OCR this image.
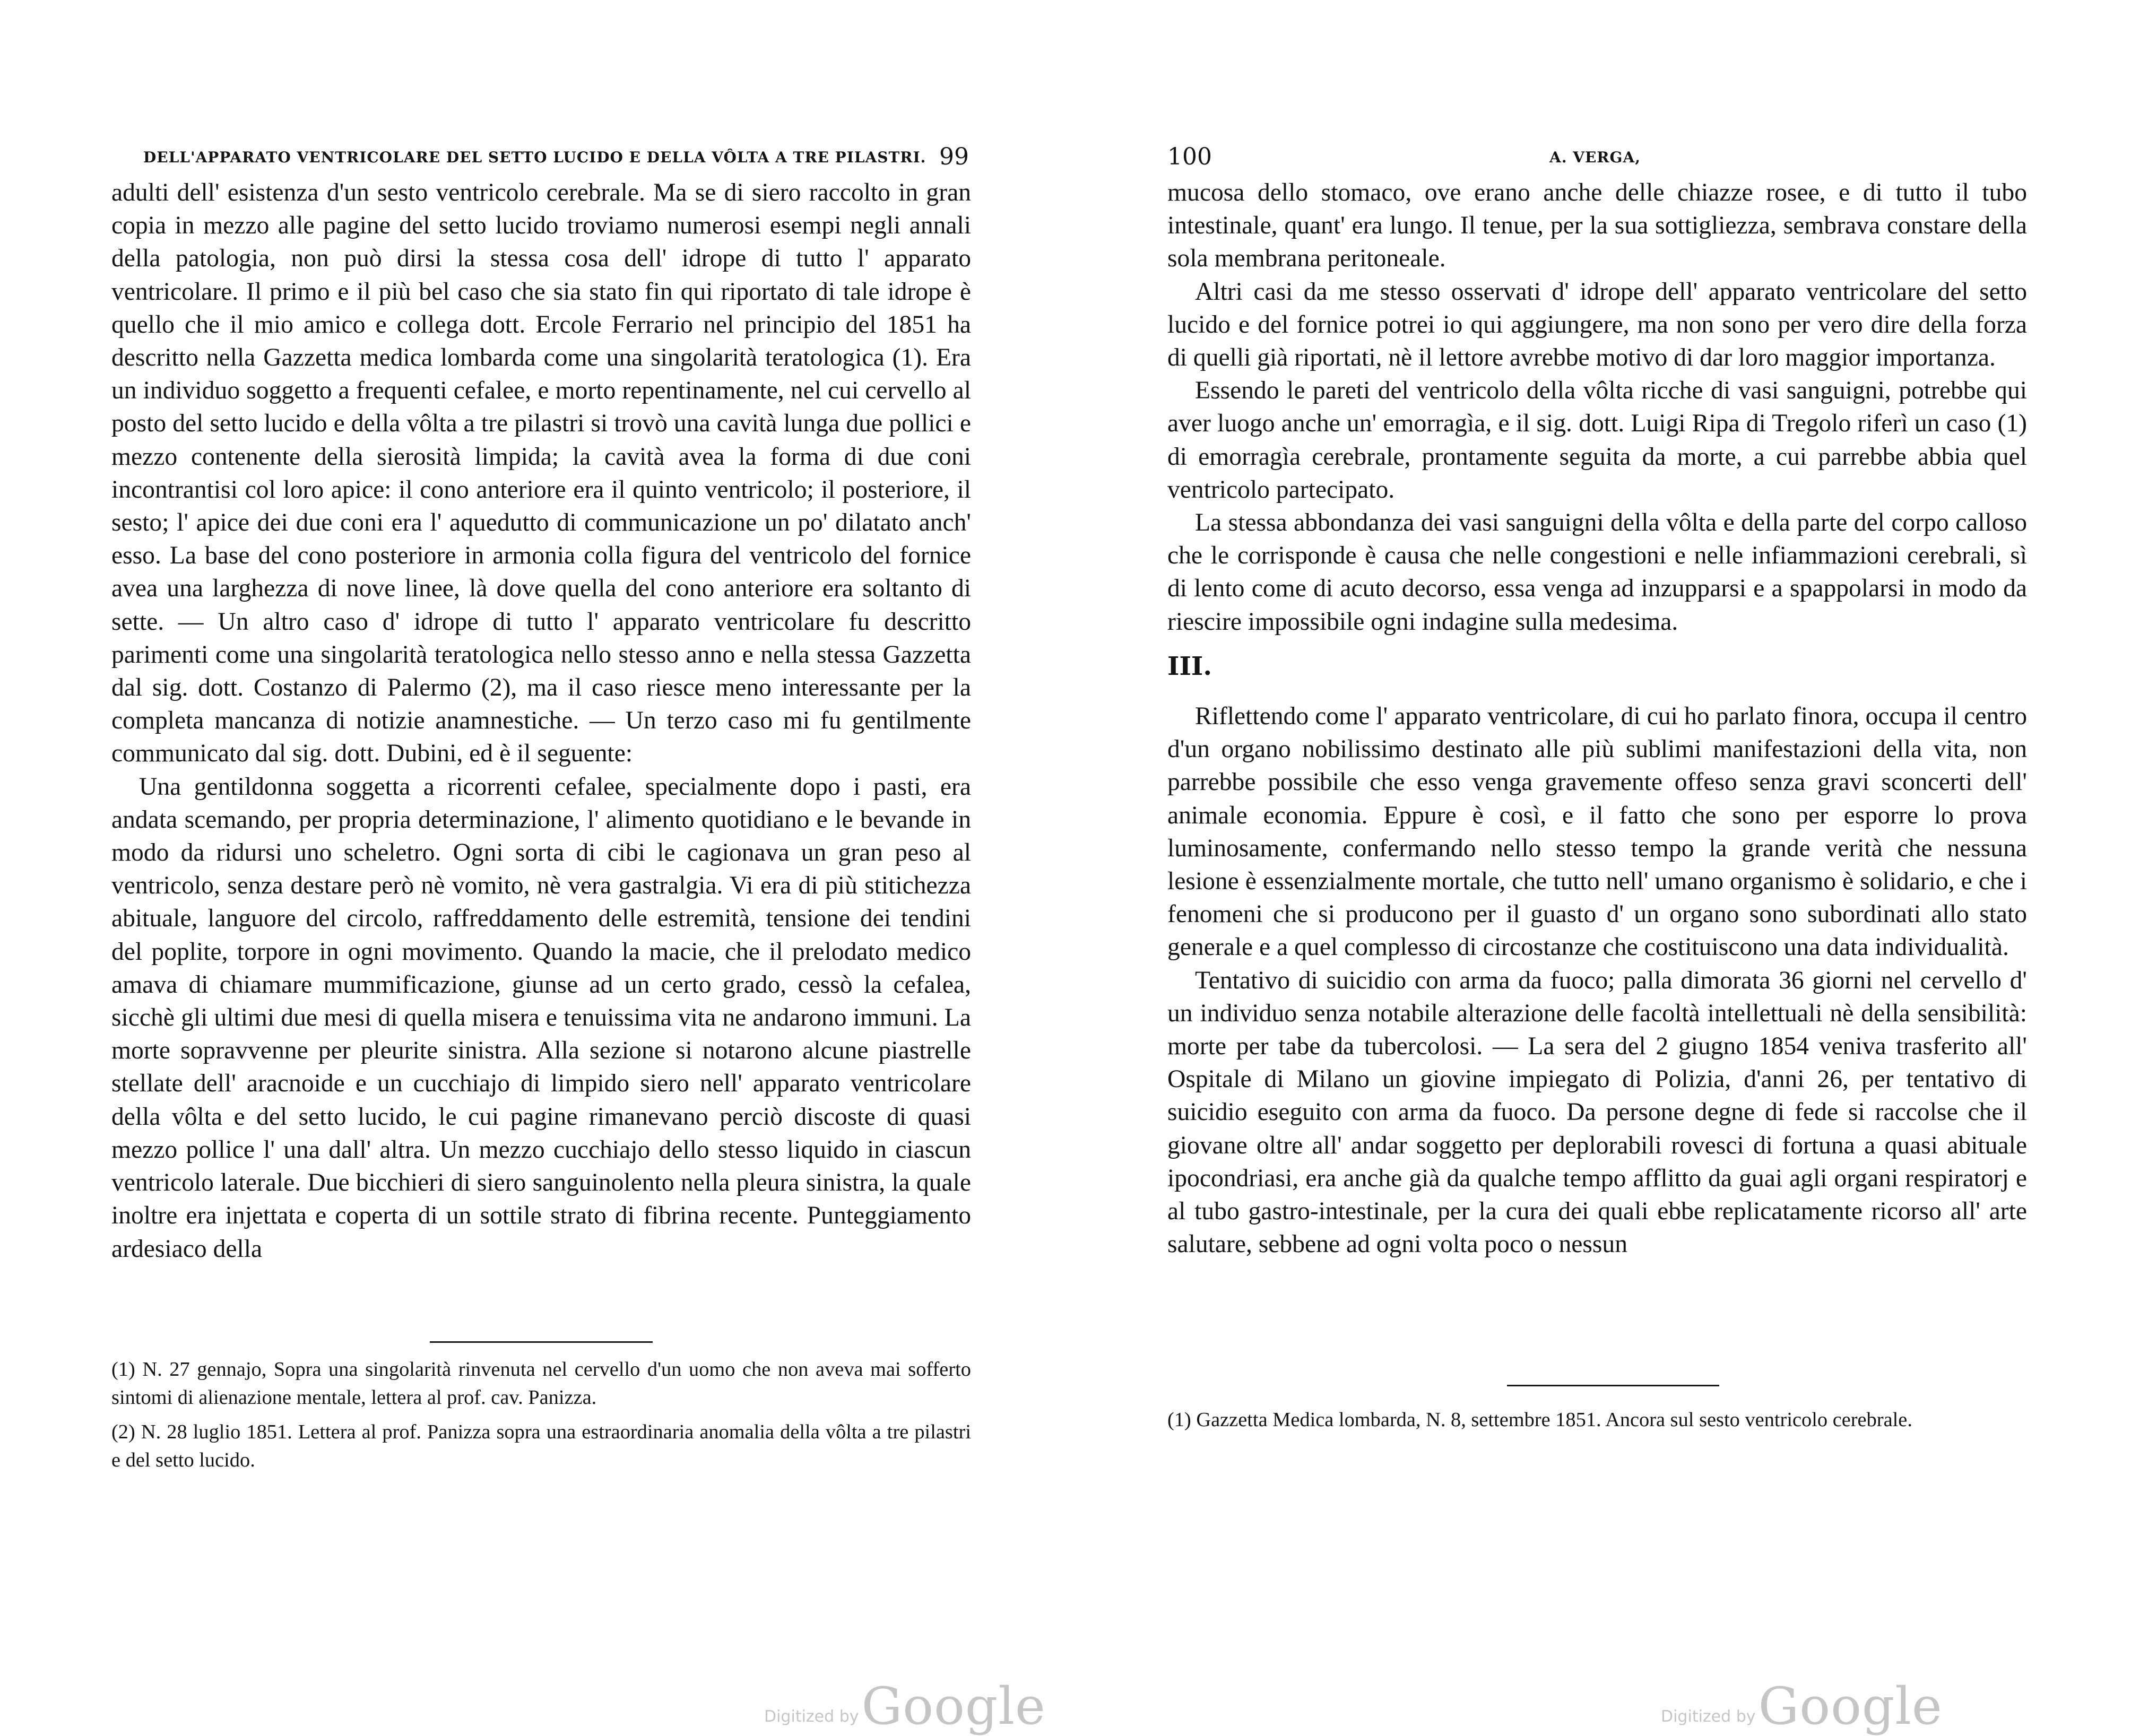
DELL'APPARATO VENTRICOLARE DEL SETTO LUCIDO E DELLA VÔLTA A TRE PILASTRI. 99

adulti dell' esistenza d'un sesto ventricolo cerebrale. Ma se di siero raccolto in gran copia in mezzo alle pagine del setto lucido troviamo numerosi esempi negli annali della patologia, non può dirsi la stessa cosa dell' idrope di tutto l' apparato ventricolare. Il primo e il più bel caso che sia stato fin qui riportato di tale idrope è quello che il mio amico e collega dott. Ercole Ferrario nel principio del 1851 ha descritto nella Gazzetta medica lombarda come una singolarità teratologica (1). Era un individuo soggetto a frequenti cefalee, e morto repentinamente, nel cui cervello al posto del setto lucido e della vôlta a tre pilastri si trovò una cavità lunga due pollici e mezzo contenente della sierosità limpida; la cavità avea la forma di due coni incontrantisi col loro apice: il cono anteriore era il quinto ventricolo; il posteriore, il sesto; l' apice dei due coni era l' aquedutto di communicazione un po' dilatato anch' esso. La base del cono posteriore in armonia colla figura del ventricolo del fornice avea una larghezza di nove linee, là dove quella del cono anteriore era soltanto di sette. — Un altro caso d' idrope di tutto l' apparato ventricolare fu descritto parimenti come una singolarità teratologica nello stesso anno e nella stessa Gazzetta dal sig. dott. Costanzo di Palermo (2), ma il caso riesce meno interessante per la completa mancanza di notizie anamnestiche. — Un terzo caso mi fu gentilmente communicato dal sig. dott. Dubini, ed è il seguente:

Una gentildonna soggetta a ricorrenti cefalee, specialmente dopo i pasti, era andata scemando, per propria determinazione, l' alimento quotidiano e le bevande in modo da ridursi uno scheletro. Ogni sorta di cibi le cagionava un gran peso al ventricolo, senza destare però nè vomito, nè vera gastralgia. Vi era di più stitichezza abituale, languore del circolo, raffreddamento delle estremità, tensione dei tendini del poplite, torpore in ogni movimento. Quando la macie, che il prelodato medico amava di chiamare mummificazione, giunse ad un certo grado, cessò la cefalea, sicchè gli ultimi due mesi di quella misera e tenuissima vita ne andarono immuni. La morte sopravvenne per pleurite sinistra. Alla sezione si notarono alcune piastrelle stellate dell' aracnoide e un cucchiajo di limpido siero nell' apparato ventricolare della vôlta e del setto lucido, le cui pagine rimanevano perciò discoste di quasi mezzo pollice l' una dall' altra. Un mezzo cucchiajo dello stesso liquido in ciascun ventricolo laterale. Due bicchieri di siero sanguinolento nella pleura sinistra, la quale inoltre era injettata e coperta di un sottile strato di fibrina recente. Punteggiamento ardesiaco della

(1) N. 27 gennajo, Sopra una singolarità rinvenuta nel cervello d'un uomo che non aveva mai sofferto sintomi di alienazione mentale, lettera al prof. cav. Panizza.

(2) N. 28 luglio 1851. Lettera al prof. Panizza sopra una estraordinaria anomalia della vôlta a tre pilastri e del setto lucido.

Digitized by Google
100	A. VERGA,

mucosa dello stomaco, ove erano anche delle chiazze rosee, e di tutto il tubo intestinale, quant' era lungo. Il tenue, per la sua sottigliezza, sembrava constare della sola membrana peritoneale.

Altri casi da me stesso osservati d' idrope dell' apparato ventricolare del setto lucido e del fornice potrei io qui aggiungere, ma non sono per vero dire della forza di quelli già riportati, nè il lettore avrebbe motivo di dar loro maggior importanza.

Essendo le pareti del ventricolo della vôlta ricche di vasi sanguigni, potrebbe qui aver luogo anche un' emorragìa, e il sig. dott. Luigi Ripa di Tregolo riferì un caso (1) di emorragìa cerebrale, prontamente seguita da morte, a cui parrebbe abbia quel ventricolo partecipato.

La stessa abbondanza dei vasi sanguigni della vôlta e della parte del corpo calloso che le corrisponde è causa che nelle congestioni e nelle infiammazioni cerebrali, sì di lento come di acuto decorso, essa venga ad inzupparsi e a spappolarsi in modo da riescire impossibile ogni indagine sulla medesima.

III.

Riflettendo come l' apparato ventricolare, di cui ho parlato finora, occupa il centro d'un organo nobilissimo destinato alle più sublimi manifestazioni della vita, non parrebbe possibile che esso venga gravemente offeso senza gravi sconcerti dell' animale economia. Eppure è così, e il fatto che sono per esporre lo prova luminosamente, confermando nello stesso tempo la grande verità che nessuna lesione è essenzialmente mortale, che tutto nell' umano organismo è solidario, e che i fenomeni che si producono per il guasto d' un organo sono subordinati allo stato generale e a quel complesso di circostanze che costituiscono una data individualità.

Tentativo di suicidio con arma da fuoco; palla dimorata 36 giorni nel cervello d' un individuo senza notabile alterazione delle facoltà intellettuali nè della sensibilità: morte per tabe da tubercolosi. — La sera del 2 giugno 1854 veniva trasferito all' Ospitale di Milano un giovine impiegato di Polizia, d'anni 26, per tentativo di suicidio eseguito con arma da fuoco. Da persone degne di fede si raccolse che il giovane oltre all' andar soggetto per deplorabili rovesci di fortuna a quasi abituale ipocondriasi, era anche già da qualche tempo afflitto da guai agli organi respiratorj e al tubo gastro-intestinale, per la cura dei quali ebbe replicatamente ricorso all' arte salutare, sebbene ad ogni volta poco o nessun

(1) Gazzetta Medica lombarda, N. 8, settembre 1851. Ancora sul sesto ventricolo cerebrale.

Digitized by Google
